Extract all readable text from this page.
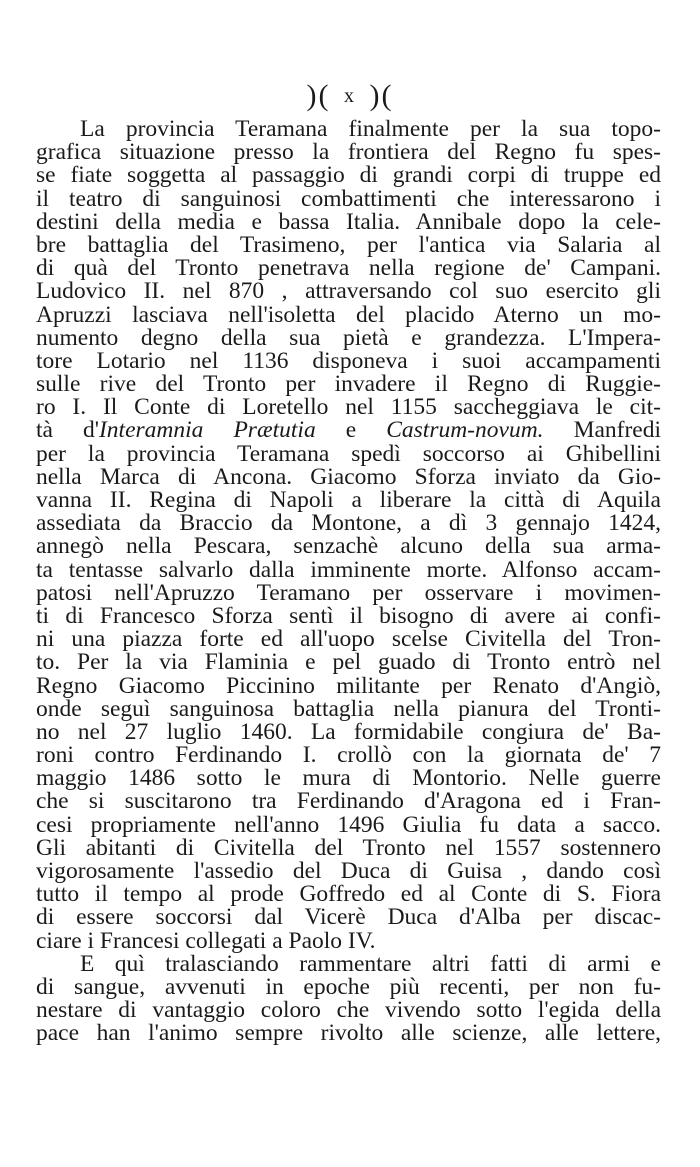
)( x )(
La provincia Teramana finalmente per la sua topo-
grafica situazione presso la frontiera del Regno fu spes-
se fiate soggetta al passaggio di grandi corpi di truppe ed
il teatro di sanguinosi combattimenti che interessarono i
destini della media e bassa Italia. Annibale dopo la cele-
bre battaglia del Trasimeno, per l'antica via Salaria al
di quà del Tronto penetrava nella regione de' Campani.
Ludovico II. nel 870 , attraversando col suo esercito gli
Apruzzi lasciava nell'isoletta del placido Aterno un mo-
numento degno della sua pietà e grandezza. L'Impera-
tore Lotario nel 1136 disponeva i suoi accampamenti
sulle rive del Tronto per invadere il Regno di Ruggie-
ro I. Il Conte di Loretello nel 1155 saccheggiava le cit-
tà d'Interamnia Prætutia e Castrum-novum. Manfredi
per la provincia Teramana spedì soccorso ai Ghibellini
nella Marca di Ancona. Giacomo Sforza inviato da Gio-
vanna II. Regina di Napoli a liberare la città di Aquila
assediata da Braccio da Montone, a dì 3 gennajo 1424,
annegò nella Pescara, senzachè alcuno della sua arma-
ta tentasse salvarlo dalla imminente morte. Alfonso accam-
patosi nell'Apruzzo Teramano per osservare i movimen-
ti di Francesco Sforza sentì il bisogno di avere ai confi-
ni una piazza forte ed all'uopo scelse Civitella del Tron-
to. Per la via Flaminia e pel guado di Tronto entrò nel
Regno Giacomo Piccinino militante per Renato d'Angiò,
onde seguì sanguinosa battaglia nella pianura del Tronti-
no nel 27 luglio 1460. La formidabile congiura de' Ba-
roni contro Ferdinando I. crollò con la giornata de' 7
maggio 1486 sotto le mura di Montorio. Nelle guerre
che si suscitarono tra Ferdinando d'Aragona ed i Fran-
cesi propriamente nell'anno 1496 Giulia fu data a sacco.
Gli abitanti di Civitella del Tronto nel 1557 sostennero
vigorosamente l'assedio del Duca di Guisa , dando così
tutto il tempo al prode Goffredo ed al Conte di S. Fiora
di essere soccorsi dal Vicerè Duca d'Alba per discac-
ciare i Francesi collegati a Paolo IV.
E quì tralasciando rammentare altri fatti di armi e
di sangue, avvenuti in epoche più recenti, per non fu-
nestare di vantaggio coloro che vivendo sotto l'egida della
pace han l'animo sempre rivolto alle scienze, alle lettere,
